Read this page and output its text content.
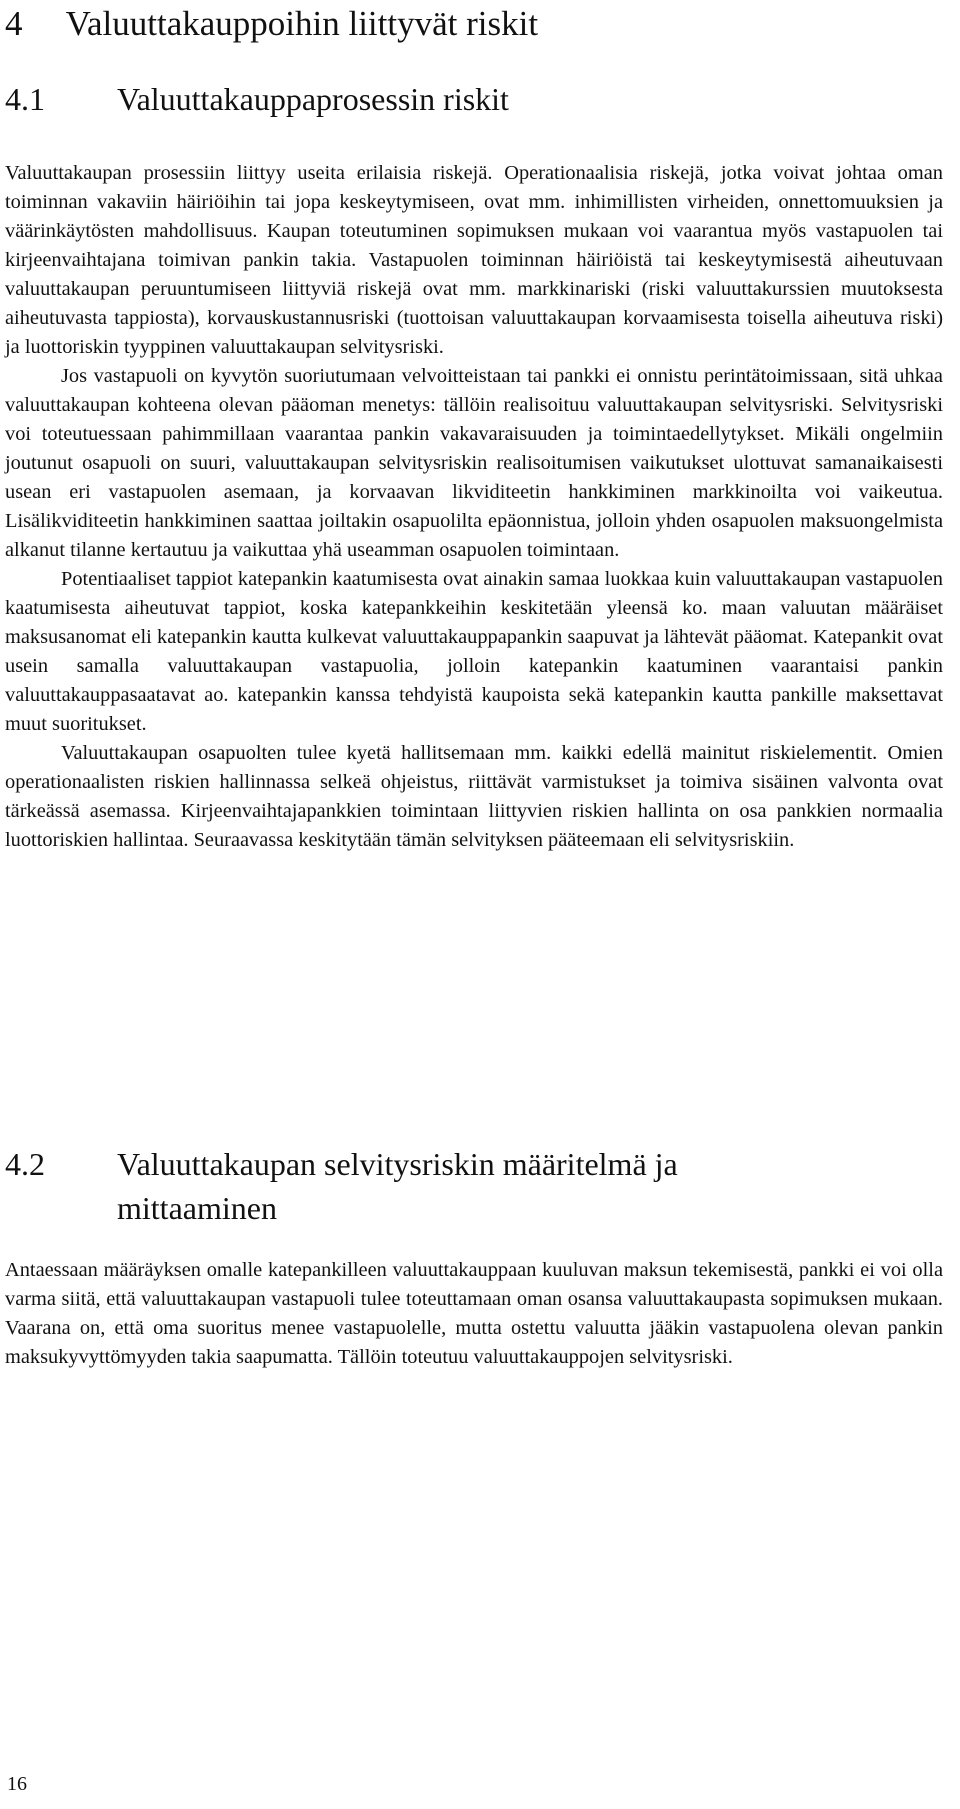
4     Valuuttakauppoihin liittyvät riskit
4.1 Valuuttakauppaprosessin riskit

Valuuttakaupan prosessiin liittyy useita erilaisia riskejä. Operationaalisia riskejä, jotka voivat johtaa oman toiminnan vakaviin häiriöihin tai jopa keskeytymiseen, ovat mm. inhimillisten virheiden, onnettomuuksien ja väärinkäytösten mahdollisuus. Kaupan toteutuminen sopimuksen mukaan voi vaarantua myös vastapuolen tai kirjeenvaihtajana toimivan pankin takia. Vastapuolen toiminnan häiriöistä tai keskeytymisestä aiheutuvaan valuuttakaupan peruuntumiseen liittyviä riskejä ovat mm. markkinariski (riski valuuttakurssien muutoksesta aiheutuvasta tappiosta), korvauskustannusriski (tuottoisan valuuttakaupan korvaamisesta toisella aiheutuva riski) ja luottoriskin tyyppinen valuuttakaupan selvitysriski.

Jos vastapuoli on kyvytön suoriutumaan velvoitteistaan tai pankki ei onnistu perintätoimissaan, sitä uhkaa valuuttakaupan kohteena olevan pääoman menetys: tällöin realisoituu valuuttakaupan selvitysriski. Selvitysriski voi toteutuessaan pahimmillaan vaarantaa pankin vakavaraisuuden ja toimintaedellytykset. Mikäli ongelmiin joutunut osapuoli on suuri, valuuttakaupan selvitysriskin realisoitumisen vaikutukset ulottuvat samanaikaisesti usean eri vastapuolen asemaan, ja korvaavan likviditeetin hankkiminen markkinoilta voi vaikeutua. Lisälikviditeetin hankkiminen saattaa joiltakin osapuolilta epäonnistua, jolloin yhden osapuolen maksuongelmista alkanut tilanne kertautuu ja vaikuttaa yhä useamman osapuolen toimintaan.

Potentiaaliset tappiot katepankin kaatumisesta ovat ainakin samaa luokkaa kuin valuuttakaupan vastapuolen kaatumisesta aiheutuvat tappiot, koska katepankkeihin keskitetään yleensä ko. maan valuutan määräiset maksusanomat eli katepankin kautta kulkevat valuuttakauppapankin saapuvat ja lähtevät pääomat. Katepankit ovat usein samalla valuuttakaupan vastapuolia, jolloin katepankin kaatuminen vaarantaisi pankin valuuttakauppasaatavat ao. katepankin kanssa tehdyistä kaupoista sekä katepankin kautta pankille maksettavat muut suoritukset.

Valuuttakaupan osapuolten tulee kyetä hallitsemaan mm. kaikki edellä mainitut riskielementit. Omien operationaalisten riskien hallinnassa selkeä ohjeistus, riittävät varmistukset ja toimiva sisäinen valvonta ovat tärkeässä asemassa. Kirjeenvaihtajapankkien toimintaan liittyvien riskien hallinta on osa pankkien normaalia luottoriskien hallintaa. Seuraavassa keskitytään tämän selvityksen pääteemaan eli selvitysriskiin.

4.2 Valuuttakaupan selvitysriskin määritelmä ja mittaaminen

Antaessaan määräyksen omalle katepankilleen valuuttakauppaan kuuluvan maksun tekemisestä, pankki ei voi olla varma siitä, että valuuttakaupan vastapuoli tulee toteuttamaan oman osansa valuuttakaupasta sopimuksen mukaan. Vaarana on, että oma suoritus menee vastapuolelle, mutta ostettu valuutta jääkin vastapuolena olevan pankin maksukyvyttömyyden takia saapumatta. Tällöin toteutuu valuuttakauppojen selvitysriski.

16
